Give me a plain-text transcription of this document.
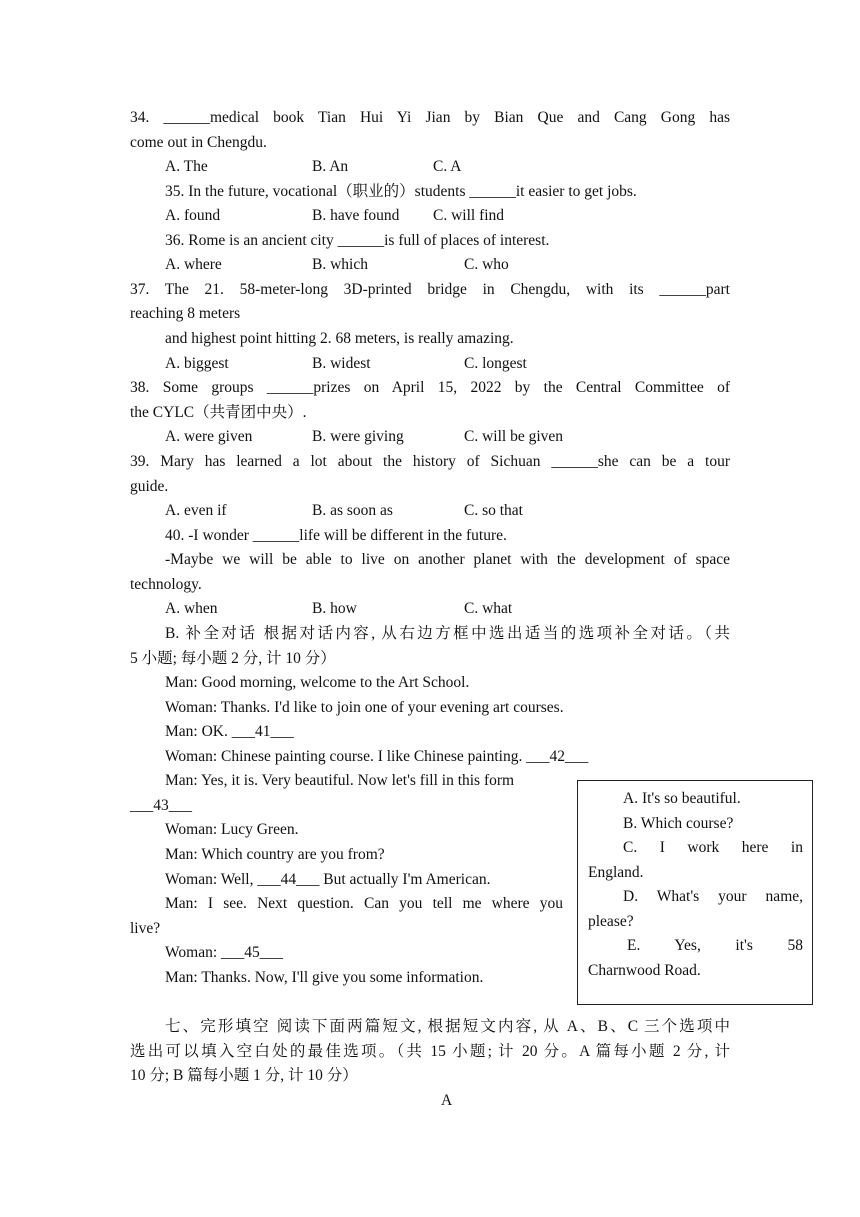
34. ______medical book Tian Hui Yi Jian by Bian Que and Cang Gong has
come out in Chengdu.
A. The	B. An	C. A
35. In the future, vocational（职业的）students ______it easier to get jobs.
A. found	B. have found C. will find
36. Rome is an ancient city ______is full of places of interest.
A. where	B. which	C. who
37. The 21. 58-meter-long 3D-printed bridge in Chengdu, with its ______part
reaching 8 meters
and highest point hitting 2. 68 meters, is really amazing.
A. biggest	B. widest	C. longest
38. Some groups ______prizes on April 15, 2022 by the Central Committee of
the CYLC（共青团中央）.
A. were given	B. were giving	C. will be given
39. Mary has learned a lot about the history of Sichuan ______she can be a tour
guide.
A. even if	B. as soon as	C. so that
40. -I wonder ______life will be different in the future.
-Maybe we will be able to live on another planet with the development of space
technology.
A. when	B. how	C. what
B. 补全对话 根据对话内容, 从右边方框中选出适当的选项补全对话。（共
5 小题; 每小题 2 分, 计 10 分）
Man: Good morning, welcome to the Art School.
Woman: Thanks. I'd like to join one of your evening art courses.
Man: OK. ___41___
Woman: Chinese painting course. I like Chinese painting. ___42___
Man: Yes, it is. Very beautiful. Now let's fill in this form
___43___
Woman: Lucy Green.
Man: Which country are you from?
Woman: Well, ___44___ But actually I'm American.
Man: I see. Next question. Can you tell me where you
live?
Woman: ___45___
Man: Thanks. Now, I'll give you some information.
A. It's so beautiful.
B. Which course?
C. I work here in
England.
D. What's your name,
please?
E. Yes, it's 58
Charnwood Road.
七、完形填空 阅读下面两篇短文, 根据短文内容, 从 A、B、C 三个选项中
选出可以填入空白处的最佳选项。（共 15 小题; 计 20 分。A 篇每小题 2 分, 计
10 分; B 篇每小题 1 分, 计 10 分）
A
